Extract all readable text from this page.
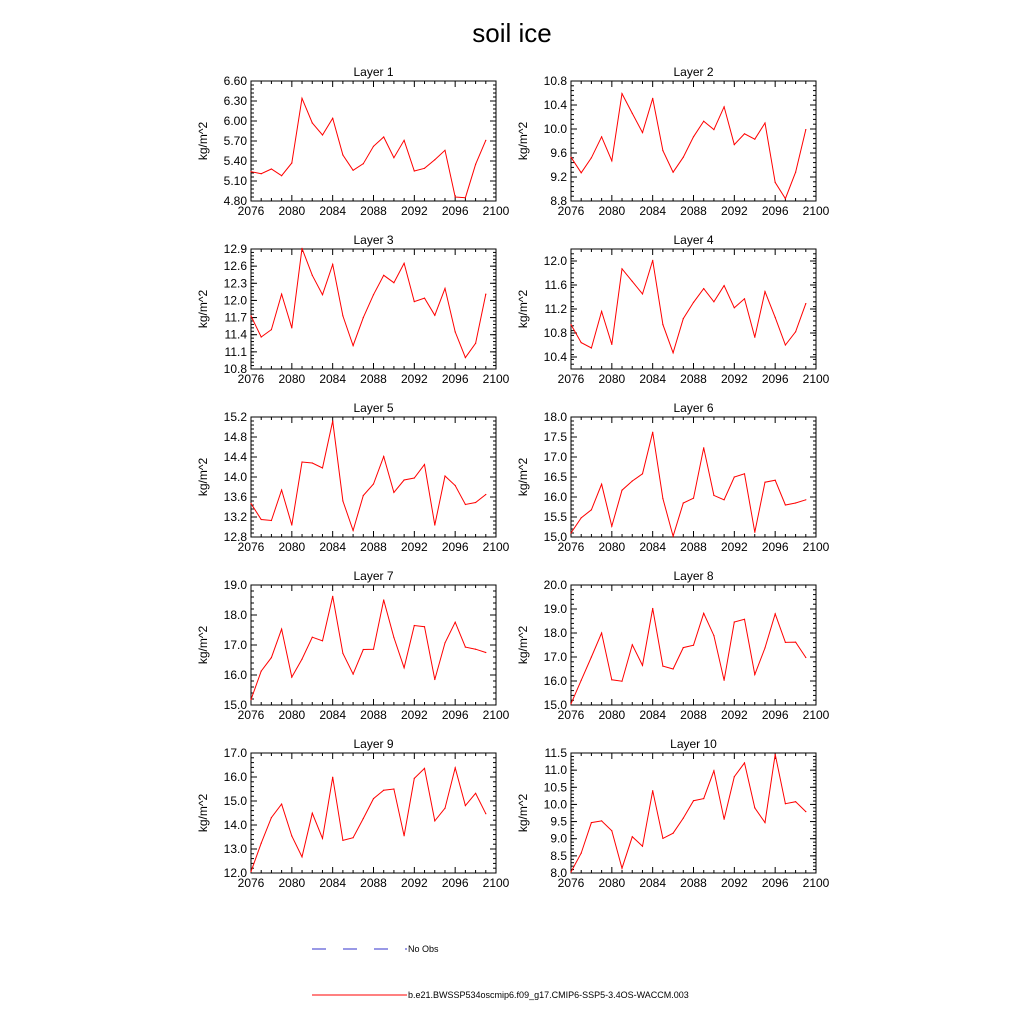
soil ice
Layer 1
2076 2080 2084 2088 2092 2096 2100
4.80
5.10
5.40
5.70
6.00
6.30
6.60
kg/m^2
Layer 2
2076 2080 2084 2088 2092 2096 2100
8.8
9.2
9.6
10.0
10.4
10.8
kg/m^2
Layer 3
2076 2080 2084 2088 2092 2096 2100
10.8
11.1
11.4
11.7
12.0
12.3
12.6
12.9
kg/m^2
Layer 4
2076 2080 2084 2088 2092 2096 2100
10.4
10.8
11.2
11.6
12.0
kg/m^2
Layer 5
2076 2080 2084 2088 2092 2096 2100
12.8
13.2
13.6
14.0
14.4
14.8
15.2
kg/m^2
Layer 6
2076 2080 2084 2088 2092 2096 2100
15.0
15.5
16.0
16.5
17.0
17.5
18.0
kg/m^2
Layer 7
2076 2080 2084 2088 2092 2096 2100
15.0
16.0
17.0
18.0
19.0
kg/m^2
Layer 8
2076 2080 2084 2088 2092 2096 2100
15.0
16.0
17.0
18.0
19.0
20.0
kg/m^2
Layer 9
2076 2080 2084 2088 2092 2096 2100
12.0
13.0
14.0
15.0
16.0
17.0
kg/m^2
Layer 10
2076 2080 2084 2088 2092 2096 2100
8.0
8.5
9.0
9.5
10.0
10.5
11.0
11.5
kg/m^2
No Obs
b.e21.BWSSP534oscmip6.f09_g17.CMIP6-SSP5-3.4OS-WACCM.003
